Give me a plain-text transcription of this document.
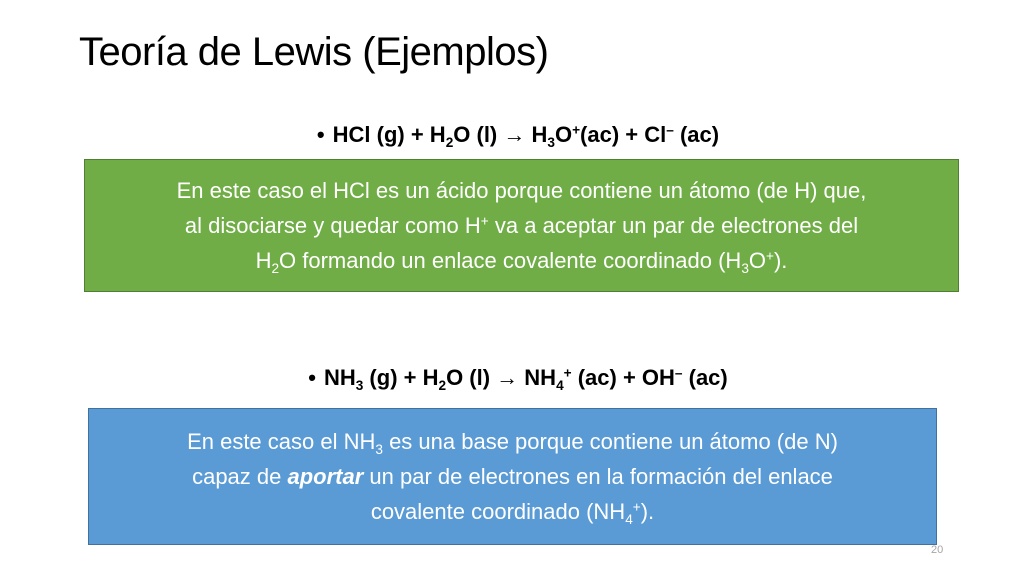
Teoría de Lewis (Ejemplos)
• HCl $(g) + H_2O$ $(l) \to H_3O^+(ac) + Cl^-$ (ac)

En este caso el HCl es un ácido porque contiene un átomo (de H) que,

al disociarse y quedar como H+ va a aceptar un par de electrones del

$H_2O$ formando un enlace covalente coordinado $(H_3O^+)$.

• $NH_3$ $(g) + H_2O$ $(l) \to NH_4^+$ (ac) + OH– (ac)

En este caso el $NH_3$ es una base porque contiene un átomo (de N)

capaz de aportar un par de electrones en la formación del enlace

covalente coordinado $(NH_4^+)$.

20
